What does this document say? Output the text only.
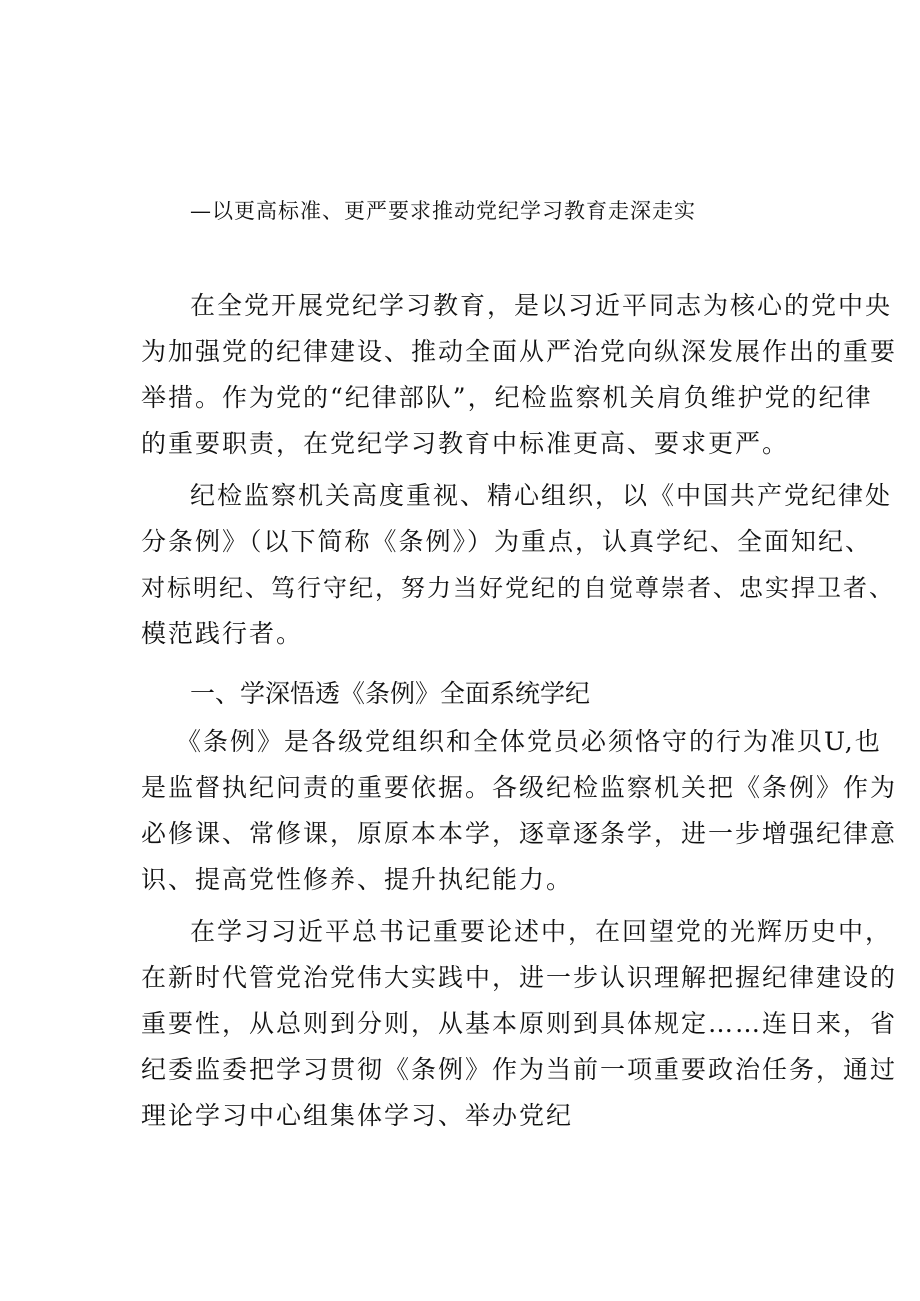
—以更高标准、更严要求推动党纪学习教育走深走实
在全党开展党纪学习教育，是以习近平同志为核心的党中央
为加强党的纪律建设、推动全面从严治党向纵深发展作出的重要
举措。作为党的“纪律部队”，纪检监察机关肩负维护党的纪律
的重要职责，在党纪学习教育中标准更高、要求更严。
纪检监察机关高度重视、精心组织，以《中国共产党纪律处
分条例》（以下简称《条例》）为重点，认真学纪、全面知纪、
对标明纪、笃行守纪，努力当好党纪的自觉尊崇者、忠实捍卫者、
模范践行者。
一、学深悟透《条例》全面系统学纪
《条例》是各级党组织和全体党员必须恪守的行为准贝U,也
是监督执纪问责的重要依据。各级纪检监察机关把《条例》作为
必修课、常修课，原原本本学，逐章逐条学，进一步增强纪律意
识、提高党性修养、提升执纪能力。
在学习习近平总书记重要论述中，在回望党的光辉历史中，
在新时代管党治党伟大实践中，进一步认识理解把握纪律建设的
重要性，从总则到分则，从基本原则到具体规定……连日来，省
纪委监委把学习贯彻《条例》作为当前一项重要政治任务，通过
理论学习中心组集体学习、举办党纪
